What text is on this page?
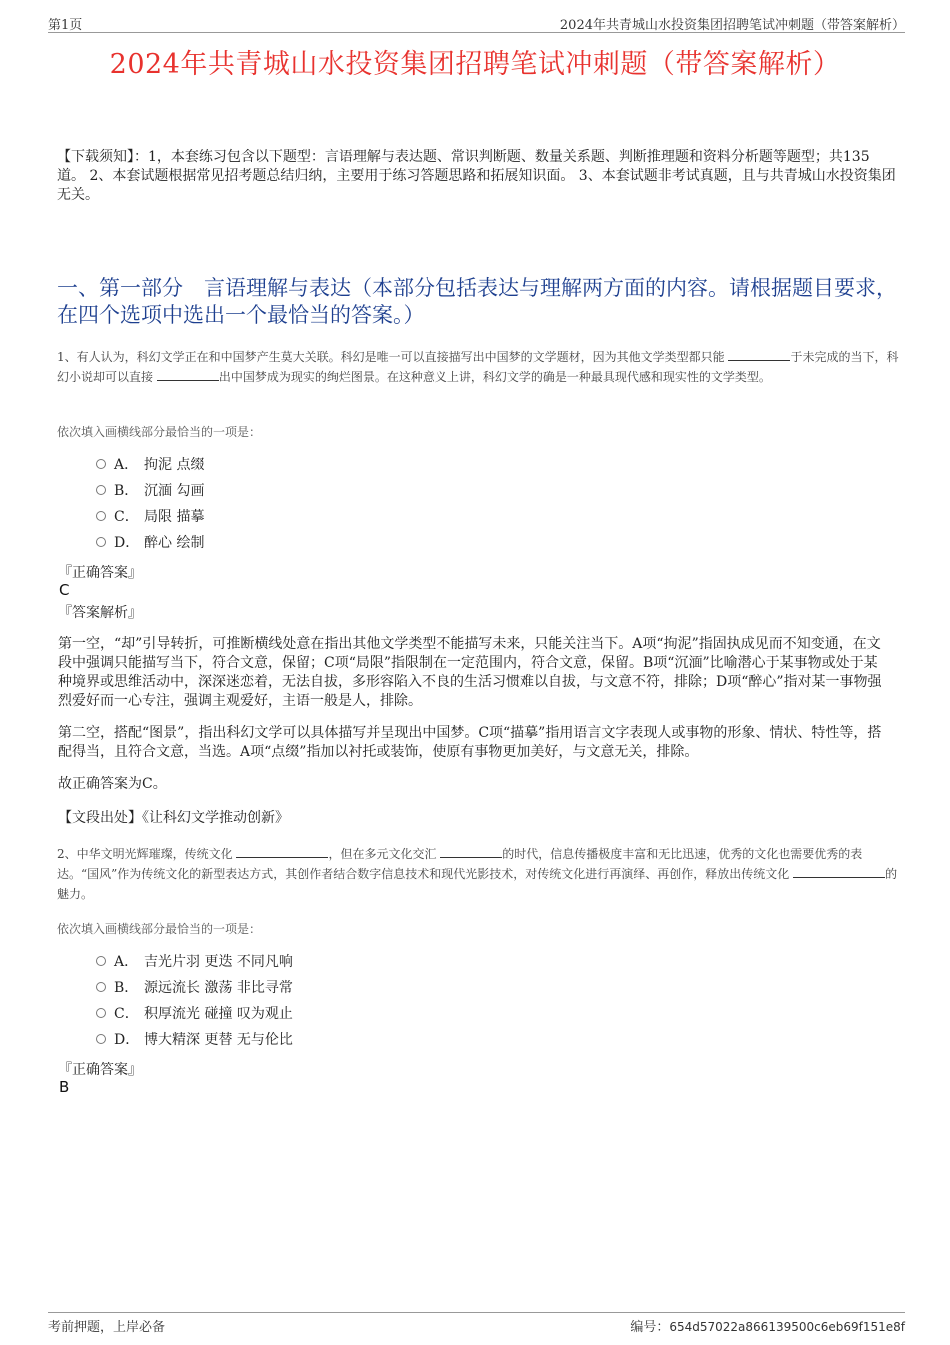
第1页	2024年共青城山水投资集团招聘笔试冲刺题（带答案解析）
2024年共青城山水投资集团招聘笔试冲刺题（带答案解析）
【下载须知】：1，本套练习包含以下题型：言语理解与表达题、常识判断题、数量关系题、判断推理题和资料分析题等题型；共135道。 2、本套试题根据常见招考题总结归纳，主要用于练习答题思路和拓展知识面。 3、本套试题非考试真题，且与共青城山水投资集团无关。
一、第一部分　言语理解与表达（本部分包括表达与理解两方面的内容。请根据题目要求，在四个选项中选出一个最恰当的答案。）
1、有人认为，科幻文学正在和中国梦产生莫大关联。科幻是唯一可以直接描写出中国梦的文学题材，因为其他文学类型都只能	于未完成的当下，科幻小说却可以直接	出中国梦成为现实的绚烂图景。在这种意义上讲，科幻文学的确是一种最具现代感和现实性的文学类型。
依次填入画横线部分最恰当的一项是：
A． 拘泥 点缀
B． 沉湎 勾画
C． 局限 描摹
D． 醉心 绘制
『正确答案』
C
『答案解析』
第一空，“却”引导转折，可推断横线处意在指出其他文学类型不能描写未来，只能关注当下。A项“拘泥”指固执成见而不知变通，在文段中强调只能描写当下，符合文意，保留；C项“局限”指限制在一定范围内，符合文意，保留。B项“沉湎”比喻潜心于某事物或处于某种境界或思维活动中，深深迷恋着，无法自拔，多形容陷入不良的生活习惯难以自拔，与文意不符，排除；D项“醉心”指对某一事物强烈爱好而一心专注，强调主观爱好，主语一般是人，排除。
第二空，搭配“图景”，指出科幻文学可以具体描写并呈现出中国梦。C项“描摹”指用语言文字表现人或事物的形象、情状、特性等，搭配得当，且符合文意，当选。A项“点缀”指加以衬托或装饰，使原有事物更加美好，与文意无关，排除。
故正确答案为C。
【文段出处】《让科幻文学推动创新》
2、中华文明光辉璀璨，传统文化	，但在多元文化交汇	的时代，信息传播极度丰富和无比迅速，优秀的文化也需要优秀的表达。“国风”作为传统文化的新型表达方式，其创作者结合数字信息技术和现代光影技术，对传统文化进行再演绎、再创作，释放出传统文化	的魅力。
依次填入画横线部分最恰当的一项是：
A． 吉光片羽 更迭 不同凡响
B． 源远流长 激荡 非比寻常
C． 积厚流光 碰撞 叹为观止
D． 博大精深 更替 无与伦比
『正确答案』
B
考前押题，上岸必备	编号：654d57022a866139500c6eb69f151e8f
